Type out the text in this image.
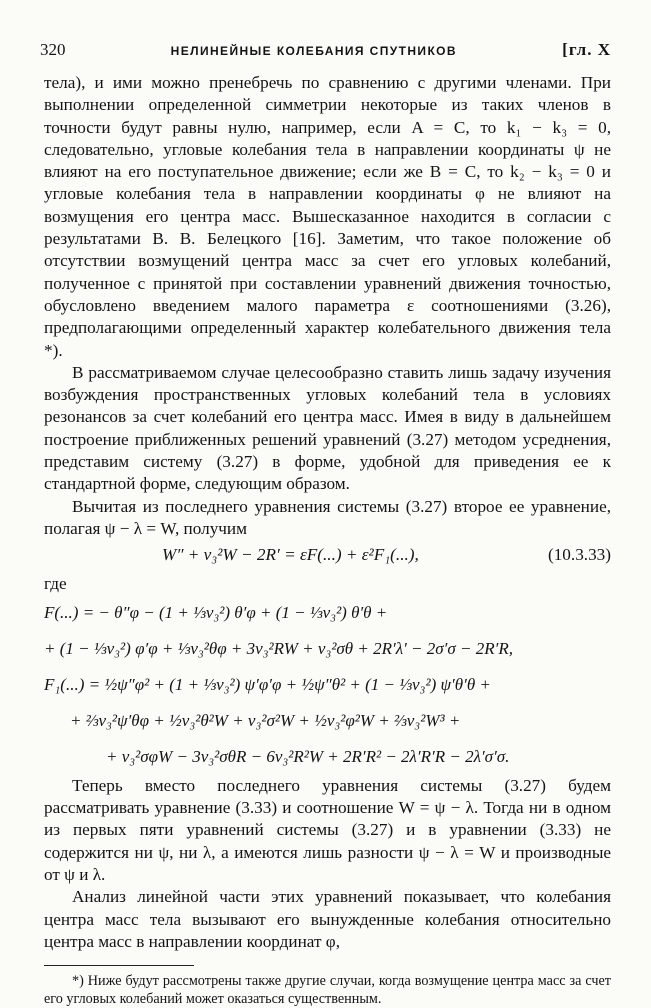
320	НЕЛИНЕЙНЫЕ КОЛЕБАНИЯ СПУТНИКОВ	[гл. X

тела), и ими можно пренебречь по сравнению с другими членами. При выполнении определенной симметрии некоторые из таких членов в точности будут равны нулю, например, если A = C, то k₁ − k₃ = 0, следовательно, угловые колебания тела в направлении координаты ψ не влияют на его поступательное движение; если же B = C, то k₂ − k₃ = 0 и угловые колебания тела в направлении координаты φ не влияют на возмущения его центра масс. Вышесказанное находится в согласии с результатами В. В. Белецкого [16]. Заметим, что такое положение об отсутствии возмущений центра масс за счет его угловых колебаний, полученное с принятой при составлении уравнений движения точностью, обусловлено введением малого параметра ε соотношениями (3.26), предполагающими определенный характер колебательного движения тела *).

В рассматриваемом случае целесообразно ставить лишь задачу изучения возбуждения пространственных угловых колебаний тела в условиях резонансов за счет колебаний его центра масс. Имея в виду в дальнейшем построение приближенных решений уравнений (3.27) методом усреднения, представим систему (3.27) в форме, удобной для приведения ее к стандартной форме, следующим образом.

Вычитая из последнего уравнения системы (3.27) второе ее уравнение, полагая ψ − λ = W, получим

W″ + ν₃²W − 2R′ = εF(...) + ε²F₁(...),	(10.3.33)

где

F(...) = − θ″φ − (1 + ⅓ν₃²) θ′φ + (1 − ⅓ν₃²) θ′θ +

+ (1 − ⅓ν₃²) φ′φ + ⅓ν₃²θφ + 3ν₃²RW + ν₃²σθ + 2R′λ′ − 2σ′σ − 2R′R,

F₁(...) = ½ψ″φ² + (1 + ⅓ν₃²) ψ′φ′φ + ½ψ″θ² + (1 − ⅓ν₃²) ψ′θ′θ +

+ ⅔ν₃²ψ′θφ + ½ν₃²θ²W + ν₃²σ²W + ½ν₃²φ²W + ⅔ν₃²W³ +

+ ν₃²σφW − 3ν₃²σθR − 6ν₃²R²W + 2R′R² − 2λ′R′R − 2λ′σ′σ.

Теперь вместо последнего уравнения системы (3.27) будем рассматривать уравнение (3.33) и соотношение W = ψ − λ. Тогда ни в одном из первых пяти уравнений системы (3.27) и в уравнении (3.33) не содержится ни ψ, ни λ, а имеются лишь разности ψ − λ = W и производные от ψ и λ.

Анализ линейной части этих уравнений показывает, что колебания центра масс тела вызывают его вынужденные колебания относительно центра масс в направлении координат φ,

*) Ниже будут рассмотрены также другие случаи, когда возмущение центра масс за счет его угловых колебаний может оказаться существенным.
